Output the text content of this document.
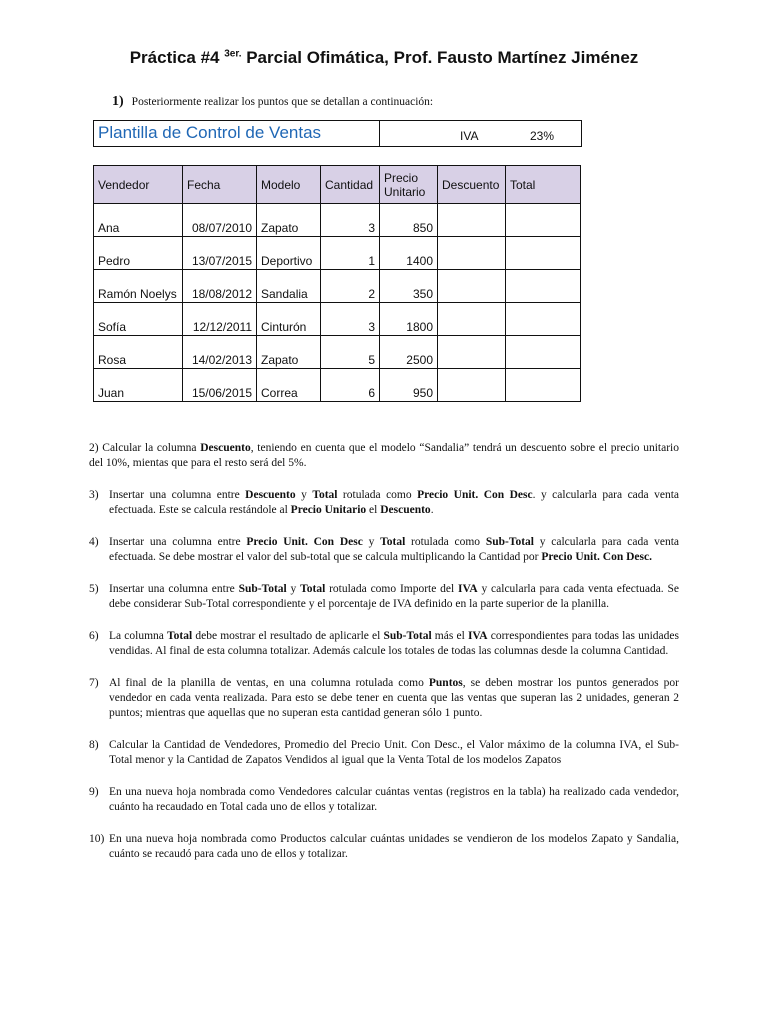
Práctica #4 $^{3er.}$ Parcial Ofimática, Prof. Fausto Martínez Jiménez
1) Posteriormente realizar los puntos que se detallan a continuación:
Plantilla de Control de Ventas	IVA	23%
Vendedor	Fecha	Modelo	Cantidad	Precio Unitario	Descuento	Total
Ana	08/07/2010	Zapato	3	850		
Pedro	13/07/2015	Deportivo	1	1400		
Ramón Noelys	18/08/2012	Sandalia	2	350		
Sofía	12/12/2011	Cinturón	3	1800		
Rosa	14/02/2013	Zapato	5	2500		
Juan	15/06/2015	Correa	6	950		
2) Calcular la columna Descuento, teniendo en cuenta que el modelo “Sandalia” tendrá un descuento sobre el precio unitario del 10%, mientas que para el resto será del 5%.
3) Insertar una columna entre Descuento y Total rotulada como Precio Unit. Con Desc. y calcularla para cada venta efectuada. Este se calcula restándole al Precio Unitario el Descuento.
4) Insertar una columna entre Precio Unit. Con Desc y Total rotulada como Sub-Total y calcularla para cada venta efectuada. Se debe mostrar el valor del sub-total que se calcula multiplicando la Cantidad por Precio Unit. Con Desc.
5) Insertar una columna entre Sub-Total y Total rotulada como Importe del IVA y calcularla para cada venta efectuada. Se debe considerar Sub-Total correspondiente y el porcentaje de IVA definido en la parte superior de la planilla.
6) La columna Total debe mostrar el resultado de aplicarle el Sub-Total más el IVA correspondientes para todas las unidades vendidas. Al final de esta columna totalizar. Además calcule los totales de todas las columnas desde la columna Cantidad.
7) Al final de la planilla de ventas, en una columna rotulada como Puntos, se deben mostrar los puntos generados por vendedor en cada venta realizada. Para esto se debe tener en cuenta que las ventas que superan las 2 unidades, generan 2 puntos; mientras que aquellas que no superan esta cantidad generan sólo 1 punto.
8) Calcular la Cantidad de Vendedores, Promedio del Precio Unit. Con Desc., el Valor máximo de la columna IVA, el Sub-Total menor y la Cantidad de Zapatos Vendidos al igual que la Venta Total de los modelos Zapatos
9) En una nueva hoja nombrada como Vendedores calcular cuántas ventas (registros en la tabla) ha realizado cada vendedor, cuánto ha recaudado en Total cada uno de ellos y totalizar.
10) En una nueva hoja nombrada como Productos calcular cuántas unidades se vendieron de los modelos Zapato y Sandalia, cuánto se recaudó para cada uno de ellos y totalizar.
